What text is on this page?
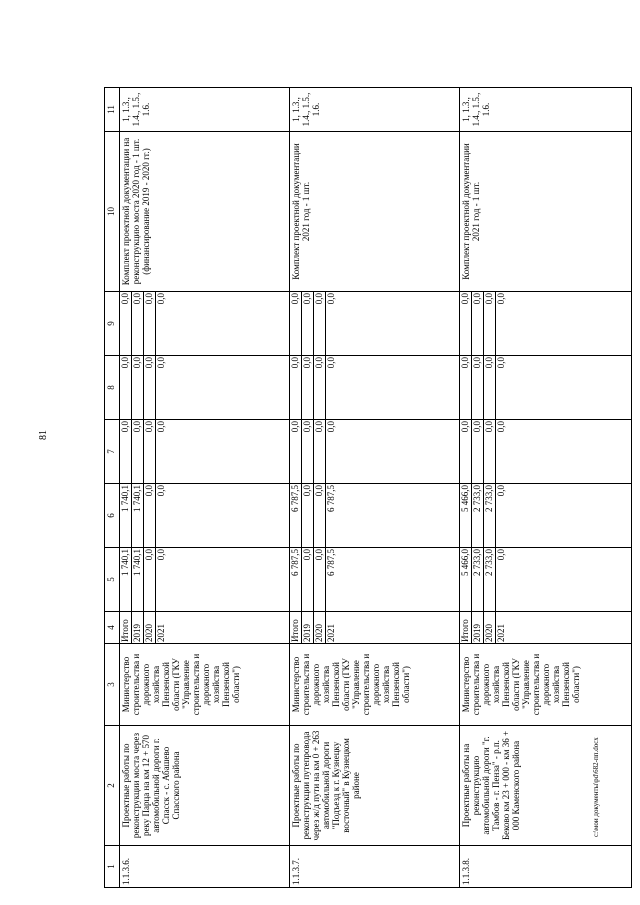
81
1	2	3	4	5	6	7	8	9	10	11
1.1.3.6.	Проектные работы по реконструкции моста через реку Парца на км 12 + 570 автомобильной дороги г. Спасск - с. Абашево Спасского района	Министерство строительства и дорожного хозяйства Пензенской области (ГКУ "Управление строительства и дорожного хозяйства Пензенской области")	Итого 2019 2020 2021	1 740,1 1 740,1 0,0 0,0	1 740,1 1 740,1 0,0 0,0	0,0 0,0 0,0 0,0	0,0 0,0 0,0 0,0	0,0 0,0 0,0 0,0	Комплект проектной документации на реконструкцию моста 2020 год - 1 шт. (финансирование 2019 - 2020 гг.)	1, 1.3., 1.4., 1.5., 1.6.
1.1.3.7.	Проектные работы по реконструкции путепровода через ж/д пути на км 0 + 263 автомобильной дороги "Подъезд к г. Кузнецку восточный" в Кузнецком районе	Министерство строительства и дорожного хозяйства Пензенской области (ГКУ "Управление строительства и дорожного хозяйства Пензенской области")	Итого 2019 2020 2021	6 787,5 0,0 0,0 6 787,5	6 787,5 0,0 0,0 6 787,5	0,0 0,0 0,0 0,0	0,0 0,0 0,0 0,0	0,0 0,0 0,0 0,0	Комплект проектной документации 2021 год - 1 шт.	1, 1.3., 1.4., 1.5., 1.6.
1.1.3.8.	Проектные работы на реконструкцию автомобильной дороги "г. Тамбов - г. Пенза" - р.п. Беково км 23 + 000 - км 36 + 000 Каменского района	Министерство строительства и дорожного хозяйства Пензенской области (ГКУ "Управление строительства и дорожного хозяйства Пензенской области")	Итого 2019 2020 2021	5 466,0 2 733,0 2 733,0 0,0	5 466,0 2 733,0 2 733,0 0,0	0,0 0,0 0,0 0,0	0,0 0,0 0,0 0,0	0,0 0,0 0,0 0,0	Комплект проектной документации 2021 год - 1 шт.	1, 1.3., 1.4., 1.5., 1.6.
c:\мои документы\pd\682-пп.docx
